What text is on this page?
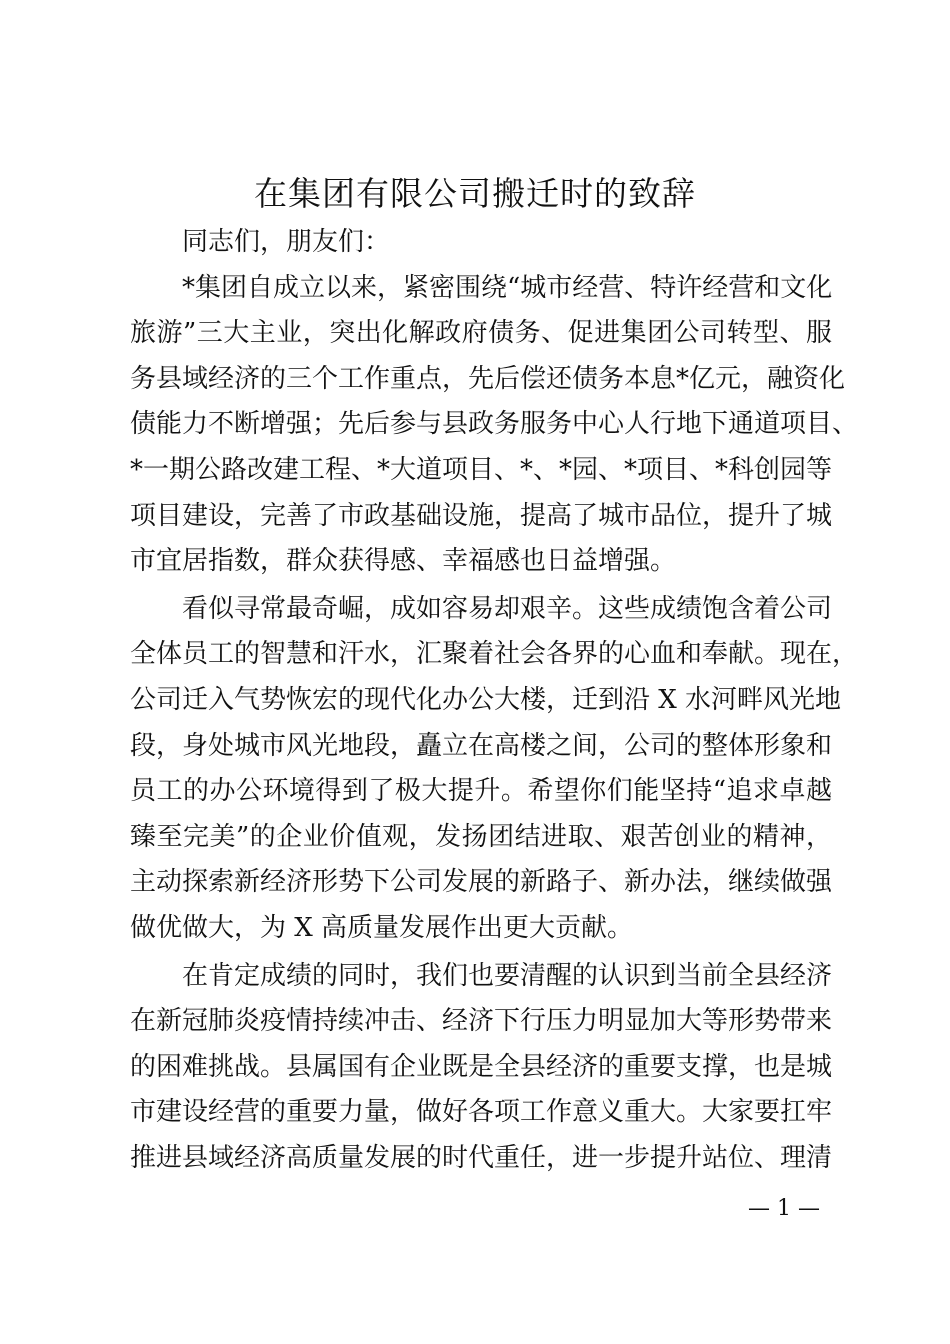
在集团有限公司搬迁时的致辞
同志们，朋友们：
*集团自成立以来，紧密围绕“城市经营、特许经营和文化
旅游”三大主业，突出化解政府债务、促进集团公司转型、服
务县域经济的三个工作重点，先后偿还债务本息*亿元，融资化
债能力不断增强；先后参与县政务服务中心人行地下通道项目、
*一期公路改建工程、*大道项目、*、*园、*项目、*科创园等
项目建设，完善了市政基础设施，提高了城市品位，提升了城
市宜居指数，群众获得感、幸福感也日益增强。
看似寻常最奇崛，成如容易却艰辛。这些成绩饱含着公司
全体员工的智慧和汗水，汇聚着社会各界的心血和奉献。现在，
公司迁入气势恢宏的现代化办公大楼，迁到沿 X 水河畔风光地
段，身处城市风光地段，矗立在高楼之间，公司的整体形象和
员工的办公环境得到了极大提升。希望你们能坚持“追求卓越
臻至完美”的企业价值观，发扬团结进取、艰苦创业的精神，
主动探索新经济形势下公司发展的新路子、新办法，继续做强
做优做大，为 X 高质量发展作出更大贡献。
在肯定成绩的同时，我们也要清醒的认识到当前全县经济
在新冠肺炎疫情持续冲击、经济下行压力明显加大等形势带来
的困难挑战。县属国有企业既是全县经济的重要支撑，也是城
市建设经营的重要力量，做好各项工作意义重大。大家要扛牢
推进县域经济高质量发展的时代重任，进一步提升站位、理清
— 1 —
